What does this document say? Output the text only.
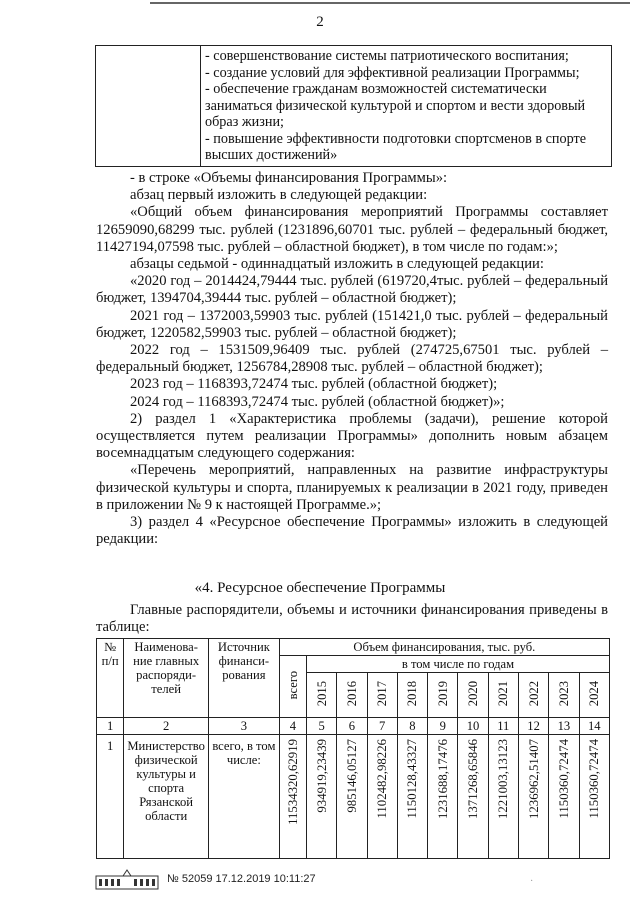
2

- совершенствование системы патриотического воспитания;
- создание условий для эффективной реализации Программы;
- обеспечение гражданам возможностей систематически заниматься физической культурой и спортом и вести здоровый образ жизни;
- повышение эффективности подготовки спортсменов в спорте высших достижений»

- в строке «Объемы финансирования Программы»:

абзац первый изложить в следующей редакции:

«Общий объем финансирования мероприятий Программы составляет 12659090,68299 тыс. рублей (1231896,60701 тыс. рублей – федеральный бюджет, 11427194,07598 тыс. рублей – областной бюджет), в том числе по годам:»;

абзацы седьмой - одиннадцатый изложить в следующей редакции:

«2020 год – 2014424,79444 тыс. рублей (619720,4тыс. рублей – федеральный бюджет, 1394704,39444 тыс. рублей – областной бюджет);

2021 год – 1372003,59903 тыс. рублей (151421,0 тыс. рублей – федеральный бюджет, 1220582,59903 тыс. рублей – областной бюджет);

2022 год – 1531509,96409 тыс. рублей (274725,67501 тыс. рублей – федеральный бюджет, 1256784,28908 тыс. рублей – областной бюджет);

2023 год – 1168393,72474 тыс. рублей (областной бюджет);

2024 год – 1168393,72474 тыс. рублей (областной бюджет)»;

2) раздел 1 «Характеристика проблемы (задачи), решение которой осуществляется путем реализации Программы» дополнить новым абзацем восемнадцатым следующего содержания:

«Перечень мероприятий, направленных на развитие инфраструктуры физической культуры и спорта, планируемых к реализации в 2021 году, приведен в приложении № 9 к настоящей Программе.»;

3) раздел 4 «Ресурсное обеспечение Программы» изложить в следующей редакции:

«4. Ресурсное обеспечение Программы

Главные распорядители, объемы и источники финансирования приведены в таблице:

№ п/п	Наименова- ние главных распоряди- телей	Источник финанси- рования	Объем финансирования, тыс. руб.										
			всего	в том числе по годам									
				2015	2016	2017	2018	2019	2020	2021	2022	2023	2024
1	2	3	4	5	6	7	8	9	10	11	12	13	14
1	Министерство физической культуры и спорта Рязанской области	всего, в том числе:	11534320,62919	934919,23439	985146,05127	1102482,98226	1150128,43327	1231688,17476	1371268,65846	1221003,13123	1236962,51407	1150360,72474	1150360,72474
№ 52059 17.12.2019 10:11:27	·
